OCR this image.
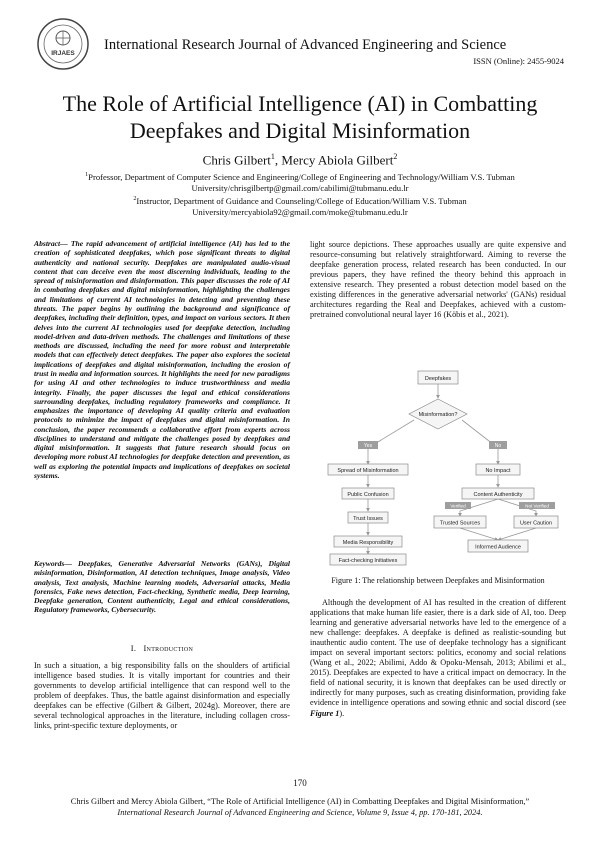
IRJAES
International Research Journal of Advanced Engineering and Science
ISSN (Online): 2455-9024
The Role of Artificial Intelligence (AI) in Combatting
Deepfakes and Digital Misinformation
Chris Gilbert$^1$, Mercy Abiola Gilbert$^2$
$^1$Professor, Department of Computer Science and Engineering/College of Engineering and Technology/William V.S. Tubman
University/chrisgilbertp@gmail.com/cabilimi@tubmanu.edu.lr
$^2$Instructor, Department of Guidance and Counseling/College of Education/William V.S. Tubman
University/mercyabiola92@gmail.com/moke@tubmanu.edu.lr

Abstract— The rapid advancement of artificial intelligence (AI) has led to the creation of sophisticated deepfakes, which pose significant threats to digital authenticity and national security. Deepfakes are manipulated audio-visual content that can deceive even the most discerning individuals, leading to the spread of misinformation and disinformation. This paper discusses the role of AI in combating deepfakes and digital misinformation, highlighting the challenges and limitations of current AI technologies in detecting and preventing these threats. The paper begins by outlining the background and significance of deepfakes, including their definition, types, and impact on various sectors. It then delves into the current AI technologies used for deepfake detection, including model-driven and data-driven methods. The challenges and limitations of these methods are discussed, including the need for more robust and interpretable models that can effectively detect deepfakes. The paper also explores the societal implications of deepfakes and digital misinformation, including the erosion of trust in media and information sources. It highlights the need for new paradigms for using AI and other technologies to induce trustworthiness and media integrity. Finally, the paper discusses the legal and ethical considerations surrounding deepfakes, including regulatory frameworks and compliance. It emphasizes the importance of developing AI quality criteria and evaluation protocols to minimize the impact of deepfakes and digital misinformation. In conclusion, the paper recommends a collaborative effort from experts across disciplines to understand and mitigate the challenges posed by deepfakes and digital misinformation. It suggests that future research should focus on developing more robust AI technologies for deepfake detection and prevention, as well as exploring the potential impacts and implications of deepfakes on societal systems.

Keywords— Deepfakes, Generative Adversarial Networks (GANs), Digital misinformation, Disinformation, AI detection techniques, Image analysis, Video analysis, Text analysis, Machine learning models, Adversarial attacks, Media forensics, Fake news detection, Fact-checking, Synthetic media, Deep learning, Deepfake generation, Content authenticity, Legal and ethical considerations, Regulatory frameworks, Cybersecurity.

I. Introduction

In such a situation, a big responsibility falls on the shoulders of artificial intelligence based studies. It is vitally important for countries and their governments to develop artificial intelligence that can respond well to the problem of deepfakes. Thus, the battle against disinformation and especially deepfakes can be effective (Gilbert & Gilbert, 2024g). Moreover, there are several technological approaches in the literature, including collagen cross-links, print-specific texture deployments, or

light source depictions. These approaches usually are quite expensive and resource-consuming but relatively straightforward. Aiming to reverse the deepfake generation process, related research has been conducted. In our previous papers, they have refined the theory behind this approach in extensive research. They presented a robust detection model based on the existing differences in the generative adversarial networks' (GANs) residual architectures regarding the Real and Deepfakes, achieved with a custom-pretrained convolutional neural layer 16 (Köbis et al., 2021).

Deepfakes
Misinformation?
Yes	No
Spread of Misinformation
Public Confusion
Trust Issues
Media Responsibility
Fact-checking Initiatives
No Impact
Content Authenticity
Verified	Not Verified
Trusted Sources	User Caution
Informed Audience
Figure 1: The relationship between Deepfakes and Misinformation

Although the development of AI has resulted in the creation of different applications that make human life easier, there is a dark side of AI, too. Deep learning and generative adversarial networks have led to the emergence of a new challenge: deepfakes. A deepfake is defined as realistic-sounding but inauthentic audio content. The use of deepfake technology has a significant impact on several important sectors: politics, economy and social relations (Wang et al., 2022; Abilimi, Addo & Opoku-Mensah, 2013; Abilimi et al., 2015). Deepfakes are expected to have a critical impact on democracy. In the field of national security, it is known that deepfakes can be used directly or indirectly for many purposes, such as creating disinformation, providing fake evidence in intelligence operations and sowing ethnic and social discord (see Figure 1).

170
Chris Gilbert and Mercy Abiola Gilbert, “The Role of Artificial Intelligence (AI) in Combatting Deepfakes and Digital Misinformation,”
International Research Journal of Advanced Engineering and Science, Volume 9, Issue 4, pp. 170-181, 2024.
